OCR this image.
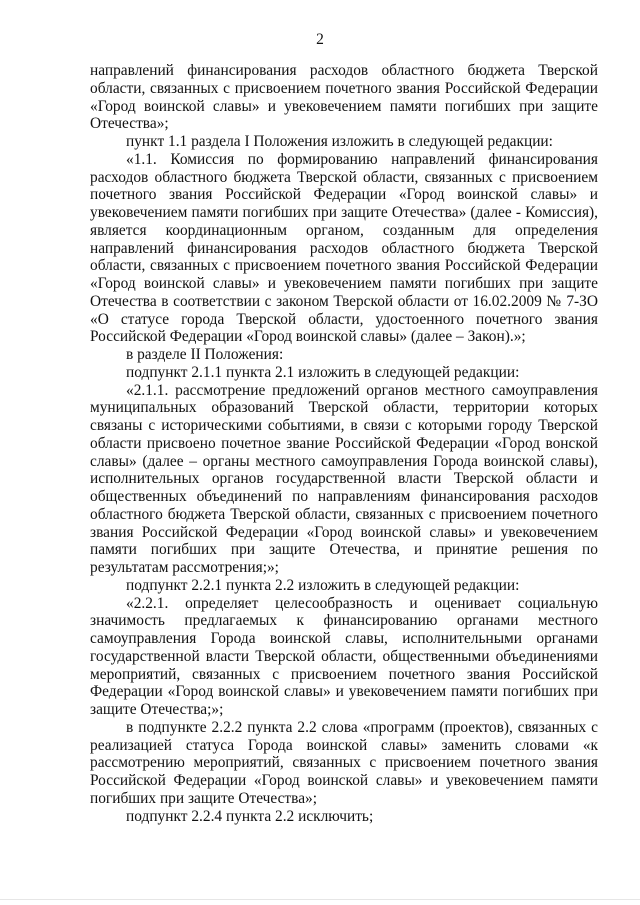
2

направлений финансирования расходов областного бюджета Тверской области, связанных с присвоением почетного звания Российской Федерации «Город воинской славы» и увековечением памяти погибших при защите Отечества»;

пункт 1.1 раздела I Положения изложить в следующей редакции:

«1.1. Комиссия по формированию направлений финансирования расходов областного бюджета Тверской области, связанных с присвоением почетного звания Российской Федерации «Город воинской славы» и увековечением памяти погибших при защите Отечества» (далее - Комиссия), является координационным органом, созданным для определения направлений финансирования расходов областного бюджета Тверской области, связанных с присвоением почетного звания Российской Федерации «Город воинской славы» и увековечением памяти погибших при защите Отечества в соответствии с законом Тверской области от 16.02.2009 № 7-ЗО «О статусе города Тверской области, удостоенного почетного звания Российской Федерации «Город воинской славы» (далее – Закон).»;

в разделе II Положения:

подпункт 2.1.1 пункта 2.1 изложить в следующей редакции:

«2.1.1. рассмотрение предложений органов местного самоуправления муниципальных образований Тверской области, территории которых связаны с историческими событиями, в связи с которыми городу Тверской области присвоено почетное звание Российской Федерации «Город вонской славы» (далее – органы местного самоуправления Города воинской славы), исполнительных органов государственной власти Тверской области и общественных объединений по направлениям финансирования расходов областного бюджета Тверской области, связанных с присвоением почетного звания Российской Федерации «Город воинской славы» и увековечением памяти погибших при защите Отечества, и принятие решения по результатам рассмотрения;»;

подпункт 2.2.1 пункта 2.2 изложить в следующей редакции:

«2.2.1. определяет целесообразность и оценивает социальную значимость предлагаемых к финансированию органами местного самоуправления Города воинской славы, исполнительными органами государственной власти Тверской области, общественными объединениями мероприятий, связанных с присвоением почетного звания Российской Федерации «Город воинской славы» и увековечением памяти погибших при защите Отечества;»;

в подпункте 2.2.2 пункта 2.2 слова «программ (проектов), связанных с реализацией статуса Города воинской славы» заменить словами «к рассмотрению мероприятий, связанных с присвоением почетного звания Российской Федерации «Город воинской славы» и увековечением памяти погибших при защите Отечества»;

подпункт 2.2.4 пункта 2.2 исключить;
